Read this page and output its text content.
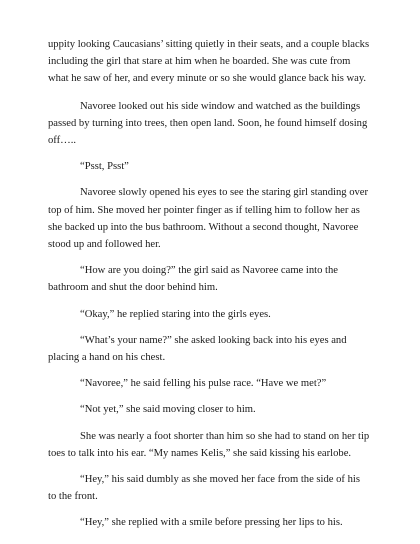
uppity looking Caucasians’ sitting quietly in their seats, and a couple blacks including the girl that stare at him when he boarded. She was cute from what he saw of her, and every minute or so she would glance back his way.

Navoree looked out his side window and watched as the buildings passed by turning into trees, then open land. Soon, he found himself dosing off…..

“Psst, Psst”

Navoree slowly opened his eyes to see the staring girl standing over top of him. She moved her pointer finger as if telling him to follow her as she backed up into the bus bathroom. Without a second thought, Navoree stood up and followed her.

“How are you doing?” the girl said as Navoree came into the bathroom and shut the door behind him.

“Okay,” he replied staring into the girls eyes.

“What’s your name?” she asked looking back into his eyes and placing a hand on his chest.

“Navoree,” he said felling his pulse race. “Have we met?”

“Not yet,” she said moving closer to him.

She was nearly a foot shorter than him so she had to stand on her tip toes to talk into his ear. “My names Kelis,” she said kissing his earlobe.

“Hey,” his said dumbly as she moved her face from the side of his to the front.

“Hey,” she replied with a smile before pressing her lips to his.
